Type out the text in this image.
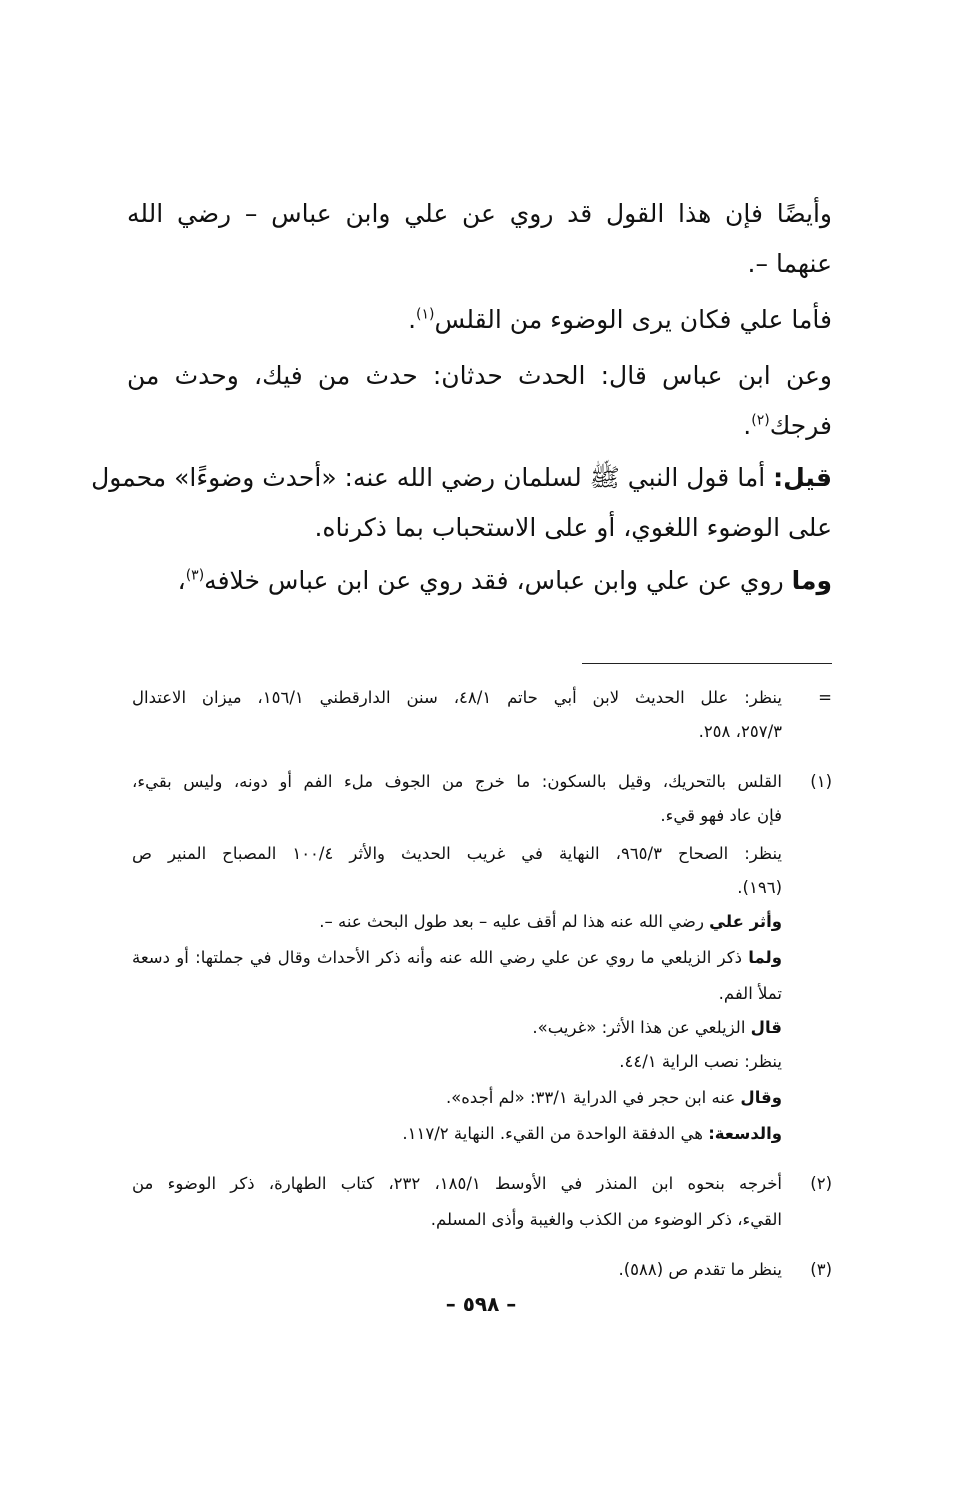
وأيضًا فإن هذا القول قد روي عن علي وابن عباس – رضي الله
عنهما –.
فأما علي فكان يرى الوضوء من القلس$^{(١)}$.
وعن ابن عباس قال: الحدث حدثان: حدث من فيك، وحدث من
فرجك$^{(٢)}$.
قيل: أما قول النبي ﷺ لسلمان رضي الله عنه: «أحدث وضوءًا» محمول
على الوضوء اللغوي، أو على الاستحباب بما ذكرناه.
وما روي عن علي وابن عباس، فقد روي عن ابن عباس خلافه$^{(٣)}$،
=
ينظر: علل الحديث لابن أبي حاتم ٤٨/١، سنن الدارقطني ١٥٦/١، ميزان الاعتدال
٢٥٧/٣، ٢٥٨.
(١)
القلس بالتحريك، وقيل بالسكون: ما خرج من الجوف ملء الفم أو دونه، وليس بقيء،
فإن عاد فهو قيء.
ينظر: الصحاح ٩٦٥/٣، النهاية في غريب الحديث والأثر ١٠٠/٤ المصباح المنير ص
(١٩٦).
وأثر علي رضي الله عنه هذا لم أقف عليه – بعد طول البحث عنه –.
ولما ذكر الزيلعي ما روي عن علي رضي الله عنه وأنه ذكر الأحداث وقال في جملتها: أو دسعة
تملأ الفم.
قال الزيلعي عن هذا الأثر: «غريب».
ينظر: نصب الراية ٤٤/١.
وقال عنه ابن حجر في الدراية ٣٣/١: «لم أجده».
والدسعة: هي الدفقة الواحدة من القيء. النهاية ١١٧/٢.
(٢)
أخرجه بنحوه ابن المنذر في الأوسط ١٨٥/١، ٢٣٢، كتاب الطهارة، ذكر الوضوء من
القيء، ذكر الوضوء من الكذب والغيبة وأذى المسلم.
(٣)
ينظر ما تقدم ص (٥٨٨).
– ٥٩٨ –
